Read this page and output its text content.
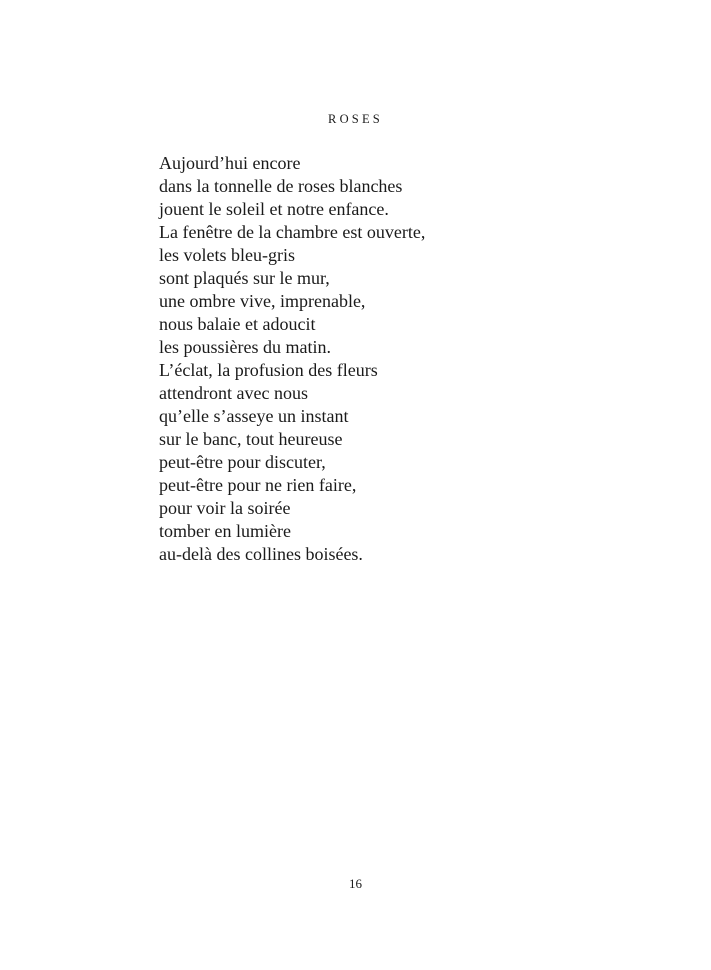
ROSES
Aujourd’hui encore
dans la tonnelle de roses blanches
jouent le soleil et notre enfance.
La fenêtre de la chambre est ouverte,
les volets bleu-gris
sont plaqués sur le mur,
une ombre vive, imprenable,
nous balaie et adoucit
les poussières du matin.
L’éclat, la profusion des fleurs
attendront avec nous
qu’elle s’asseye un instant
sur le banc, tout heureuse
peut-être pour discuter,
peut-être pour ne rien faire,
pour voir la soirée
tomber en lumière
au-delà des collines boisées.
16
